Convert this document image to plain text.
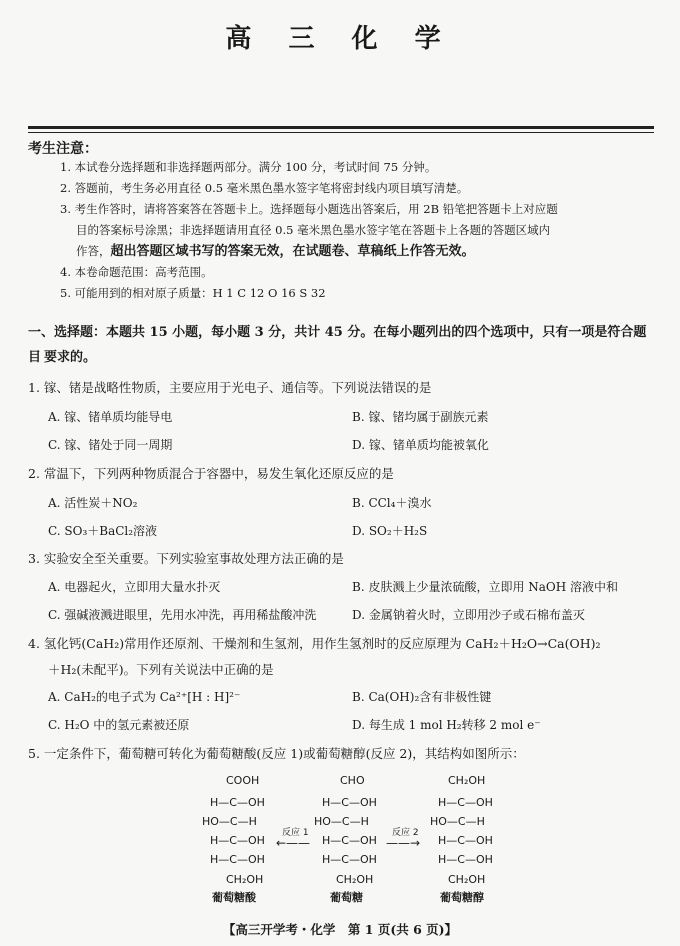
高 三 化 学
考生注意：
1. 本试卷分选择题和非选择题两部分。满分 100 分，考试时间 75 分钟。
2. 答题前，考生务必用直径 0.5 毫米黑色墨水签字笔将密封线内项目填写清楚。
3. 考生作答时，请将答案答在答题卡上。选择题每小题选出答案后，用 2B 铅笔把答题卡上对应题
目的答案标号涂黑；非选择题请用直径 0.5 毫米黑色墨水签字笔在答题卡上各题的答题区域内
作答，超出答题区域书写的答案无效，在试题卷、草稿纸上作答无效。
4. 本卷命题范围：高考范围。
5. 可能用到的相对原子质量：H 1 C 12 O 16 S 32
一、选择题：本题共 15 小题，每小题 3 分，共计 45 分。在每小题列出的四个选项中，只有一项是符合题目 要求的。
1. 镓、锗是战略性物质，主要应用于光电子、通信等。下列说法错误的是
A. 镓、锗单质均能导电	B. 镓、锗均属于副族元素
C. 镓、锗处于同一周期	D. 镓、锗单质均能被氧化
2. 常温下，下列两种物质混合于容器中，易发生氧化还原反应的是
A. 活性炭＋NO₂	B. CCl₄＋溴水
C. SO₃＋BaCl₂溶液	D. SO₂＋H₂S
3. 实验安全至关重要。下列实验室事故处理方法正确的是
A. 电器起火，立即用大量水扑灭	B. 皮肤溅上少量浓硫酸，立即用 NaOH 溶液中和
C. 强碱液溅进眼里，先用水冲洗，再用稀盐酸冲洗	D. 金属钠着火时，立即用沙子或石棉布盖灭
4. 氢化钙(CaH₂)常用作还原剂、干燥剂和生氢剂，用作生氢剂时的反应原理为 CaH₂＋H₂O→Ca(OH)₂
＋H₂(未配平)。下列有关说法中正确的是
A. CaH₂的电子式为 Ca²⁺[H : H]²⁻	B. Ca(OH)₂含有非极性键
C. H₂O 中的氢元素被还原	D. 每生成 1 mol H₂转移 2 mol e⁻
5. 一定条件下，葡萄糖可转化为葡萄糖酸(反应 1)或葡萄糖醇(反应 2)，其结构如图所示：
COOH
H—C—OH
HO—C—H
H—C—OH
H—C—OH
CH₂OH
葡萄糖酸
反应 1
←——
CHO
H—C—OH
HO—C—H
H—C—OH
H—C—OH
CH₂OH
葡萄糖
反应 2
——→
CH₂OH
H—C—OH
HO—C—H
H—C—OH
H—C—OH
CH₂OH
葡萄糖醇
【高三开学考・化学　第 1 页(共 6 页)】
